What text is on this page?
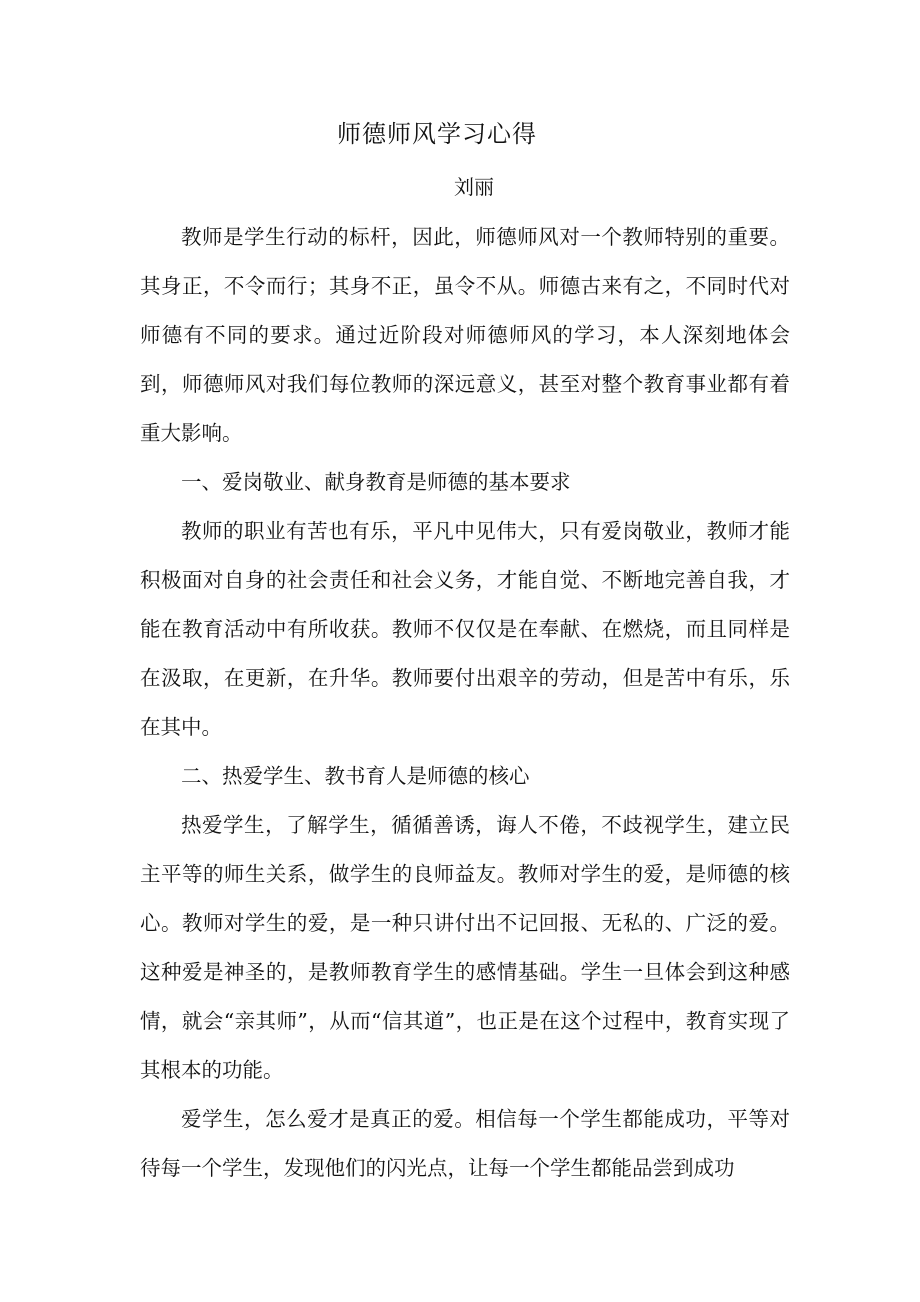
师德师风学习心得
刘丽

教师是学生行动的标杆，因此，师德师风对一个教师特别的重要。其身正，不令而行；其身不正，虽令不从。师德古来有之，不同时代对师德有不同的要求。通过近阶段对师德师风的学习，本人深刻地体会到，师德师风对我们每位教师的深远意义，甚至对整个教育事业都有着重大影响。

一、爱岗敬业、献身教育是师德的基本要求

教师的职业有苦也有乐，平凡中见伟大，只有爱岗敬业，教师才能积极面对自身的社会责任和社会义务，才能自觉、不断地完善自我，才能在教育活动中有所收获。教师不仅仅是在奉献、在燃烧，而且同样是在汲取，在更新，在升华。教师要付出艰辛的劳动，但是苦中有乐，乐在其中。

二、热爱学生、教书育人是师德的核心

热爱学生，了解学生，循循善诱，诲人不倦，不歧视学生，建立民主平等的师生关系，做学生的良师益友。教师对学生的爱，是师德的核心。教师对学生的爱，是一种只讲付出不记回报、无私的、广泛的爱。这种爱是神圣的，是教师教育学生的感情基础。学生一旦体会到这种感情，就会“亲其师”，从而“信其道”，也正是在这个过程中，教育实现了其根本的功能。

爱学生，怎么爱才是真正的爱。相信每一个学生都能成功，平等对待每一个学生，发现他们的闪光点，让每一个学生都能品尝到成功
